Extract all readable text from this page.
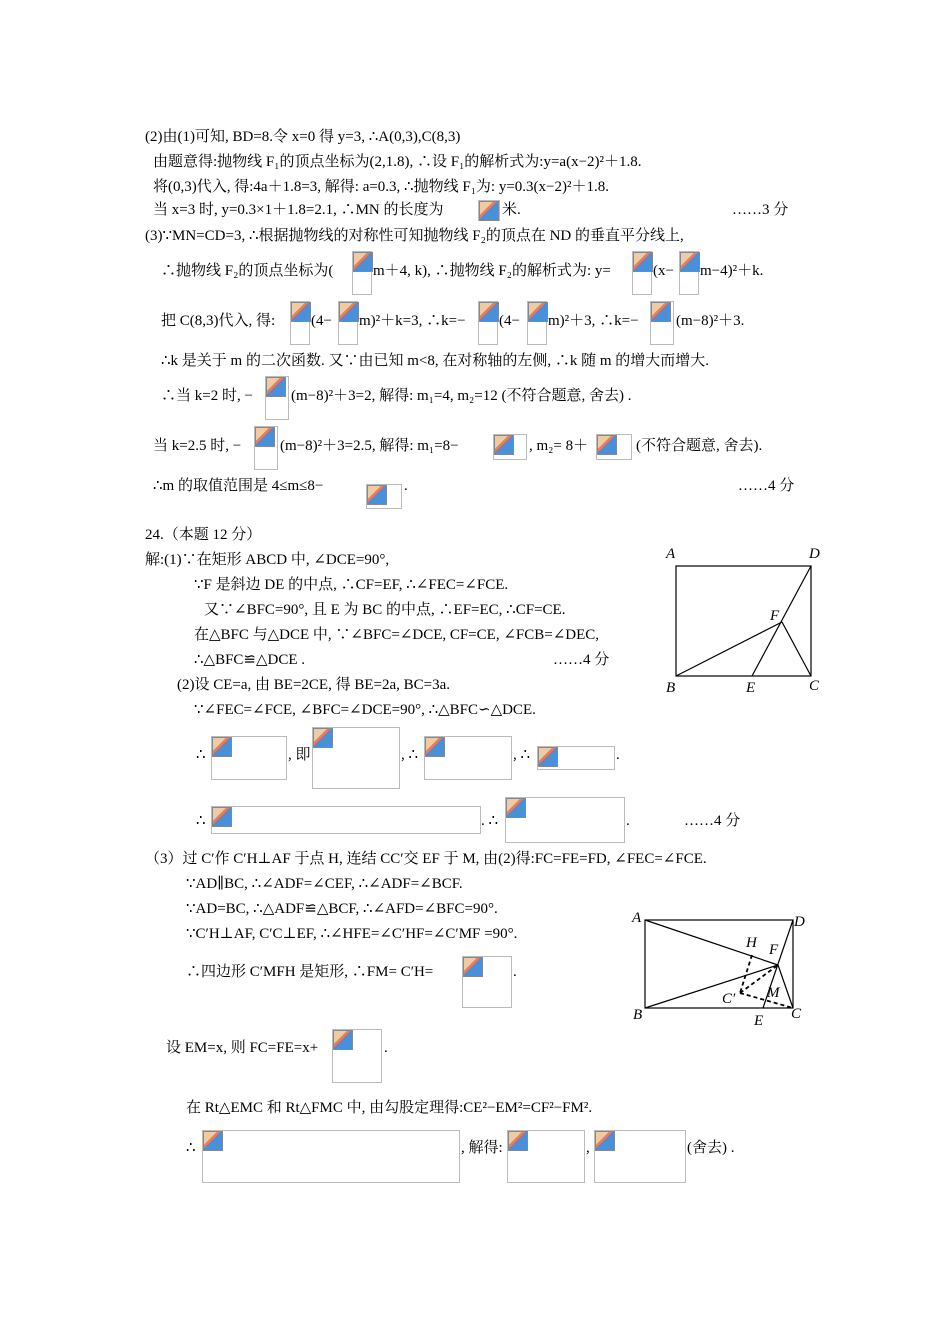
(2)由(1)可知, BD=8.令 x=0 得 y=3, ∴A(0,3),C(8,3)
由题意得:抛物线 F₁的顶点坐标为(2,1.8), ∴设 F₁的解析式为:y=a(x−2)²＋1.8.
将(0,3)代入, 得:4a＋1.8=3, 解得: a=0.3, ∴抛物线 F₁为: y=0.3(x−2)²＋1.8.
当 x=3 时, y=0.3×1＋1.8=2.1, ∴MN 的长度为	米.	……3 分
(3)∵MN=CD=3, ∴根据抛物线的对称性可知抛物线 F₂的顶点在 ND 的垂直平分线上,
∴抛物线 F₂的顶点坐标为(	m＋4, k), ∴抛物线 F₂的解析式为: y=	(x− m−4)²＋k.
把 C(8,3)代入, 得: (4− m)²＋k=3, ∴k=− (4− m)²＋3, ∴k=− (m−8)²＋3.
∴k 是关于 m 的二次函数. 又∵由已知 m<8, 在对称轴的左侧, ∴k 随 m 的增大而增大.
∴当 k=2 时, −	(m−8)²＋3=2, 解得: m₁=4, m₂=12 (不符合题意, 舍去) .
当 k=2.5 时, −	(m−8)²＋3=2.5, 解得: m₁=8−	, m₂= 8＋	(不符合题意, 舍去).
∴m 的取值范围是 4≤m≤8−	.	……4 分
24.（本题 12 分）
解:(1)∵在矩形 ABCD 中, ∠DCE=90°,
∵F 是斜边 DE 的中点, ∴CF=EF, ∴∠FEC=∠FCE.
又∵∠BFC=90°, 且 E 为 BC 的中点, ∴EF=EC, ∴CF=CE.
在△BFC 与△DCE 中, ∵∠BFC=∠DCE, CF=CE, ∠FCB=∠DEC,
∴△BFC≌△DCE .	……4 分
(2)设 CE=a, 由 BE=2CE, 得 BE=2a, BC=3a.
∵∠FEC=∠FCE, ∠BFC=∠DCE=90°, ∴△BFC∽△DCE.
∴	, 即	, ∴	, ∴	.
∴	. ∴	.	……4 分
（3）过 C′作 C′H⊥AF 于点 H, 连结 CC′交 EF 于 M, 由(2)得:FC=FE=FD, ∠FEC=∠FCE.
∵AD∥BC, ∴∠ADF=∠CEF, ∴∠ADF=∠BCF.
∵AD=BC, ∴△ADF≌△BCF, ∴∠AFD=∠BFC=90°.
∵C′H⊥AF, C′C⊥EF, ∴∠HFE=∠C′HF=∠C′MF =90°.
∴四边形 C′MFH 是矩形, ∴FM= C′H=	.
设 EM=x, 则 FC=FE=x+	.
在 Rt△EMC 和 Rt△FMC 中, 由勾股定理得:CE²−EM²=CF²−FM².
∴	, 解得:	,	(舍去) .
A	D
F
B	E	C
A	D
H F
C′ M
B	E C
